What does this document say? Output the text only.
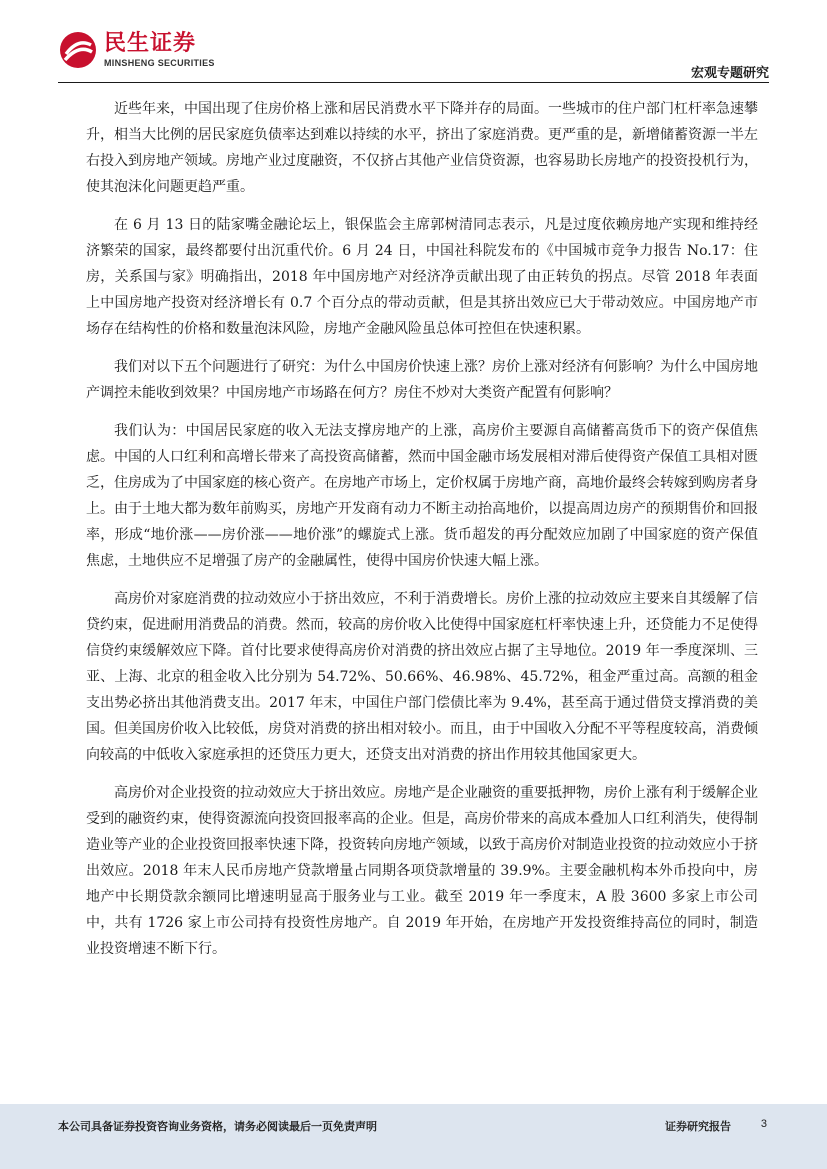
民生证券
MINSHENG SECURITIES
宏观专题研究

近些年来，中国出现了住房价格上涨和居民消费水平下降并存的局面。一些城市的住户部门杠杆率急速攀升，相当大比例的居民家庭负债率达到难以持续的水平，挤出了家庭消费。更严重的是，新增储蓄资源一半左右投入到房地产领域。房地产业过度融资，不仅挤占其他产业信贷资源，也容易助长房地产的投资投机行为，使其泡沫化问题更趋严重。

在 6 月 13 日的陆家嘴金融论坛上，银保监会主席郭树清同志表示，凡是过度依赖房地产实现和维持经济繁荣的国家，最终都要付出沉重代价。6 月 24 日，中国社科院发布的《中国城市竞争力报告 No.17：住房，关系国与家》明确指出，2018 年中国房地产对经济净贡献出现了由正转负的拐点。尽管 2018 年表面上中国房地产投资对经济增长有 0.7 个百分点的带动贡献，但是其挤出效应已大于带动效应。中国房地产市场存在结构性的价格和数量泡沫风险，房地产金融风险虽总体可控但在快速积累。

我们对以下五个问题进行了研究：为什么中国房价快速上涨？房价上涨对经济有何影响？为什么中国房地产调控未能收到效果？中国房地产市场路在何方？房住不炒对大类资产配置有何影响？

我们认为：中国居民家庭的收入无法支撑房地产的上涨，高房价主要源自高储蓄高货币下的资产保值焦虑。中国的人口红利和高增长带来了高投资高储蓄，然而中国金融市场发展相对滞后使得资产保值工具相对匮乏，住房成为了中国家庭的核心资产。在房地产市场上，定价权属于房地产商，高地价最终会转嫁到购房者身上。由于土地大都为数年前购买，房地产开发商有动力不断主动抬高地价，以提高周边房产的预期售价和回报率，形成“地价涨——房价涨——地价涨”的螺旋式上涨。货币超发的再分配效应加剧了中国家庭的资产保值焦虑，土地供应不足增强了房产的金融属性，使得中国房价快速大幅上涨。

高房价对家庭消费的拉动效应小于挤出效应，不利于消费增长。房价上涨的拉动效应主要来自其缓解了信贷约束，促进耐用消费品的消费。然而，较高的房价收入比使得中国家庭杠杆率快速上升，还贷能力不足使得信贷约束缓解效应下降。首付比要求使得高房价对消费的挤出效应占据了主导地位。2019 年一季度深圳、三亚、上海、北京的租金收入比分别为 54.72%、50.66%、46.98%、45.72%，租金严重过高。高额的租金支出势必挤出其他消费支出。2017 年末，中国住户部门偿债比率为 9.4%，甚至高于通过借贷支撑消费的美国。但美国房价收入比较低，房贷对消费的挤出相对较小。而且，由于中国收入分配不平等程度较高，消费倾向较高的中低收入家庭承担的还贷压力更大，还贷支出对消费的挤出作用较其他国家更大。

高房价对企业投资的拉动效应大于挤出效应。房地产是企业融资的重要抵押物，房价上涨有利于缓解企业受到的融资约束，使得资源流向投资回报率高的企业。但是，高房价带来的高成本叠加人口红利消失，使得制造业等产业的企业投资回报率快速下降，投资转向房地产领域，以致于高房价对制造业投资的拉动效应小于挤出效应。2018 年末人民币房地产贷款增量占同期各项贷款增量的 39.9%。主要金融机构本外币投向中，房地产中长期贷款余额同比增速明显高于服务业与工业。截至 2019 年一季度末，A 股 3600 多家上市公司中，共有 1726 家上市公司持有投资性房地产。自 2019 年开始，在房地产开发投资维持高位的同时，制造业投资增速不断下行。

本公司具备证券投资咨询业务资格，请务必阅读最后一页免责声明	证券研究报告	3
